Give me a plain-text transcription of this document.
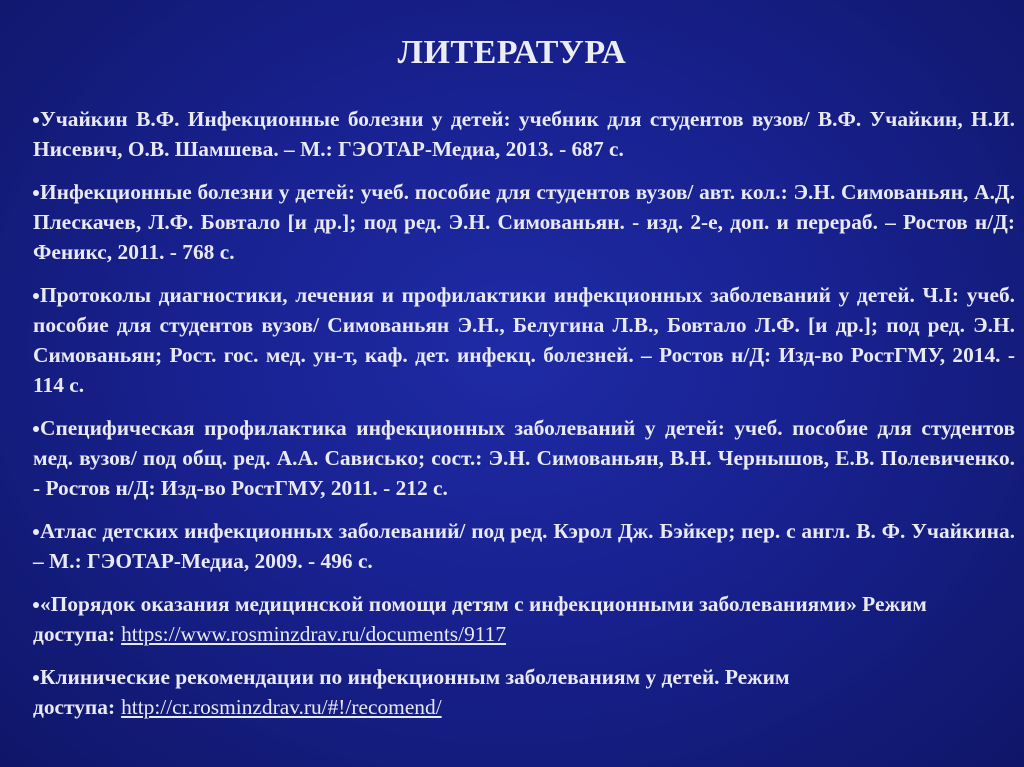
ЛИТЕРАТУРА
Учайкин В.Ф. Инфекционные болезни у детей: учебник для студентов вузов/ В.Ф. Учайкин, Н.И. Нисевич, О.В. Шамшева. – М.: ГЭОТАР-Медиа, 2013. - 687 с.
Инфекционные болезни у детей: учеб. пособие для студентов вузов/ авт. кол.: Э.Н. Симованьян, А.Д. Плескачев, Л.Ф. Бовтало [и др.]; под ред. Э.Н. Симованьян. - изд. 2-е, доп. и перераб. – Ростов н/Д: Феникс, 2011. - 768 с.
Протоколы диагностики, лечения и профилактики инфекционных заболеваний у детей. Ч.I: учеб. пособие для студентов вузов/ Симованьян Э.Н., Белугина Л.В., Бовтало Л.Ф. [и др.]; под ред. Э.Н. Симованьян; Рост. гос. мед. ун-т, каф. дет. инфекц. болезней. – Ростов н/Д: Изд-во РостГМУ, 2014. - 114 с.
Специфическая профилактика инфекционных заболеваний у детей: учеб. пособие для студентов мед. вузов/ под общ. ред. А.А. Сависько; сост.: Э.Н. Симованьян, В.Н. Чернышов, Е.В. Полевиченко. - Ростов н/Д: Изд-во РостГМУ, 2011. - 212 с.
Атлас детских инфекционных заболеваний/ под ред. Кэрол Дж. Бэйкер; пер. с англ. В. Ф. Учайкина. – М.: ГЭОТАР-Медиа, 2009. - 496 с.
«Порядок оказания медицинской помощи детям с инфекционными заболеваниями» Режим доступа: https://www.rosminzdrav.ru/documents/9117
Клинические рекомендации по инфекционным заболеваниям у детей. Режим доступа: http://cr.rosminzdrav.ru/#!/recomend/
